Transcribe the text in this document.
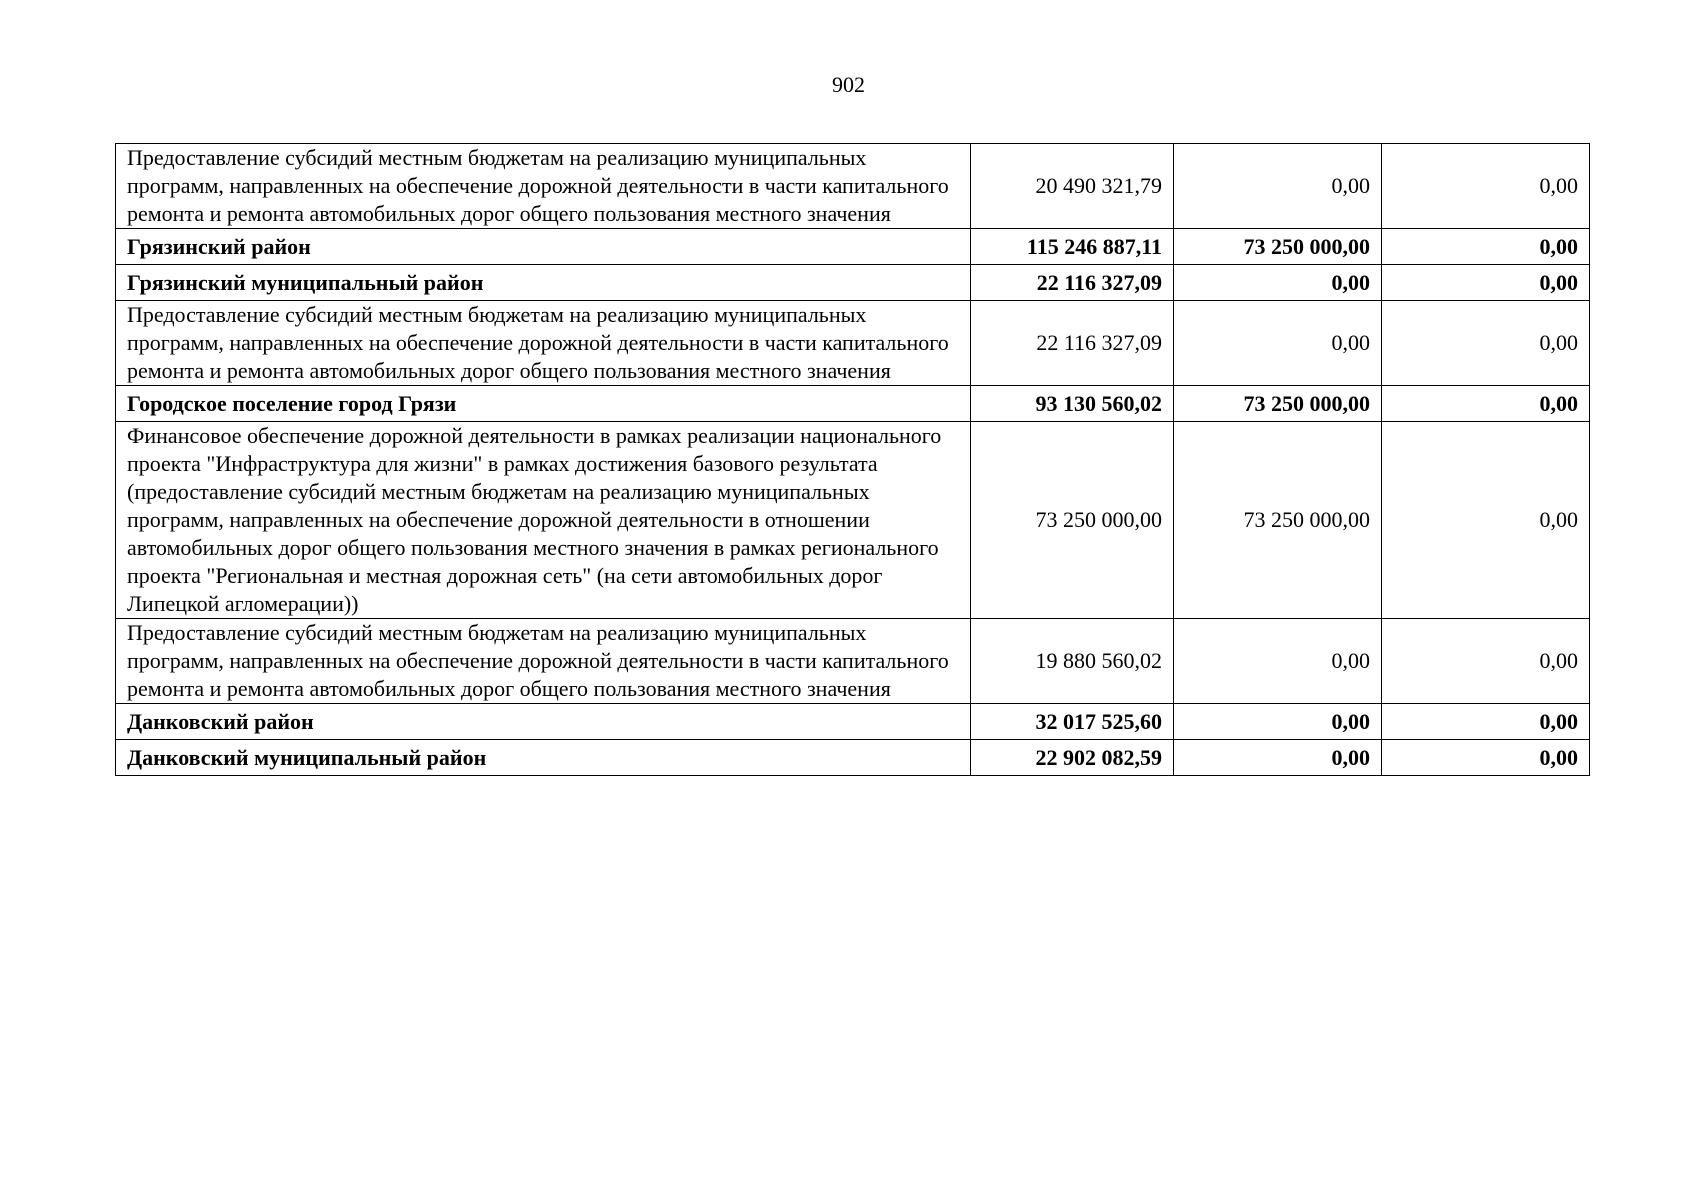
902
Предоставление субсидий местным бюджетам на реализацию муниципальных программ, направленных на обеспечение дорожной деятельности в части капитального ремонта и ремонта автомобильных дорог общего пользования местного значения	20 490 321,79	0,00	0,00
Грязинский район	115 246 887,11	73 250 000,00	0,00
Грязинский муниципальный район	22 116 327,09	0,00	0,00
Предоставление субсидий местным бюджетам на реализацию муниципальных программ, направленных на обеспечение дорожной деятельности в части капитального ремонта и ремонта автомобильных дорог общего пользования местного значения	22 116 327,09	0,00	0,00
Городское поселение город Грязи	93 130 560,02	73 250 000,00	0,00
Финансовое обеспечение дорожной деятельности в рамках реализации национального проекта "Инфраструктура для жизни" в рамках достижения базового результата (предоставление субсидий местным бюджетам на реализацию муниципальных программ, направленных на обеспечение дорожной деятельности в отношении автомобильных дорог общего пользования местного значения в рамках регионального проекта "Региональная и местная дорожная сеть" (на сети автомобильных дорог Липецкой агломерации))	73 250 000,00	73 250 000,00	0,00
Предоставление субсидий местным бюджетам на реализацию муниципальных программ, направленных на обеспечение дорожной деятельности в части капитального ремонта и ремонта автомобильных дорог общего пользования местного значения	19 880 560,02	0,00	0,00
Данковский район	32 017 525,60	0,00	0,00
Данковский муниципальный район	22 902 082,59	0,00	0,00
